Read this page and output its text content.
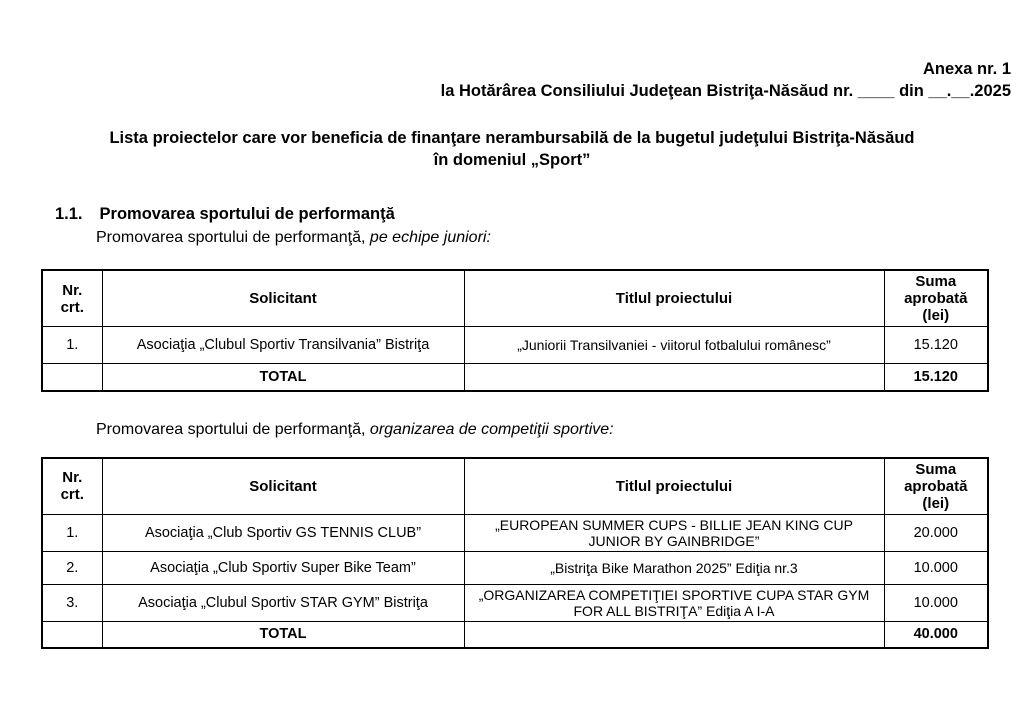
Anexa nr. 1
la Hotărârea Consiliului Judeţean Bistriţa-Năsăud nr. ____ din __.__.2025
Lista proiectelor care vor beneficia de finanţare nerambursabilă de la bugetul judeţului Bistriţa-Năsăud
în domeniul „Sport”
1.1. Promovarea sportului de performanţă
Promovarea sportului de performanţă, pe echipe juniori:
Nr. crt.	Solicitant	Titlul proiectului	Suma aprobată (lei)
1.	Asociaţia „Clubul Sportiv Transilvania” Bistriţa	„Juniorii Transilvaniei - viitorul fotbalului românesc”	15.120
	TOTAL		15.120
Promovarea sportului de performanţă, organizarea de competiţii sportive:
Nr. crt.	Solicitant	Titlul proiectului	Suma aprobată (lei)
1.	Asociaţia „Club Sportiv GS TENNIS CLUB”	„EUROPEAN SUMMER CUPS - BILLIE JEAN KING CUP JUNIOR BY GAINBRIDGE”	20.000
2.	Asociaţia „Club Sportiv Super Bike Team”	„Bistriţa Bike Marathon 2025” Ediţia nr.3	10.000
3.	Asociaţia „Clubul Sportiv STAR GYM” Bistriţa	„ORGANIZAREA COMPETIŢIEI SPORTIVE CUPA STAR GYM FOR ALL BISTRIŢA” Ediţia A I-A	10.000
	TOTAL		40.000
